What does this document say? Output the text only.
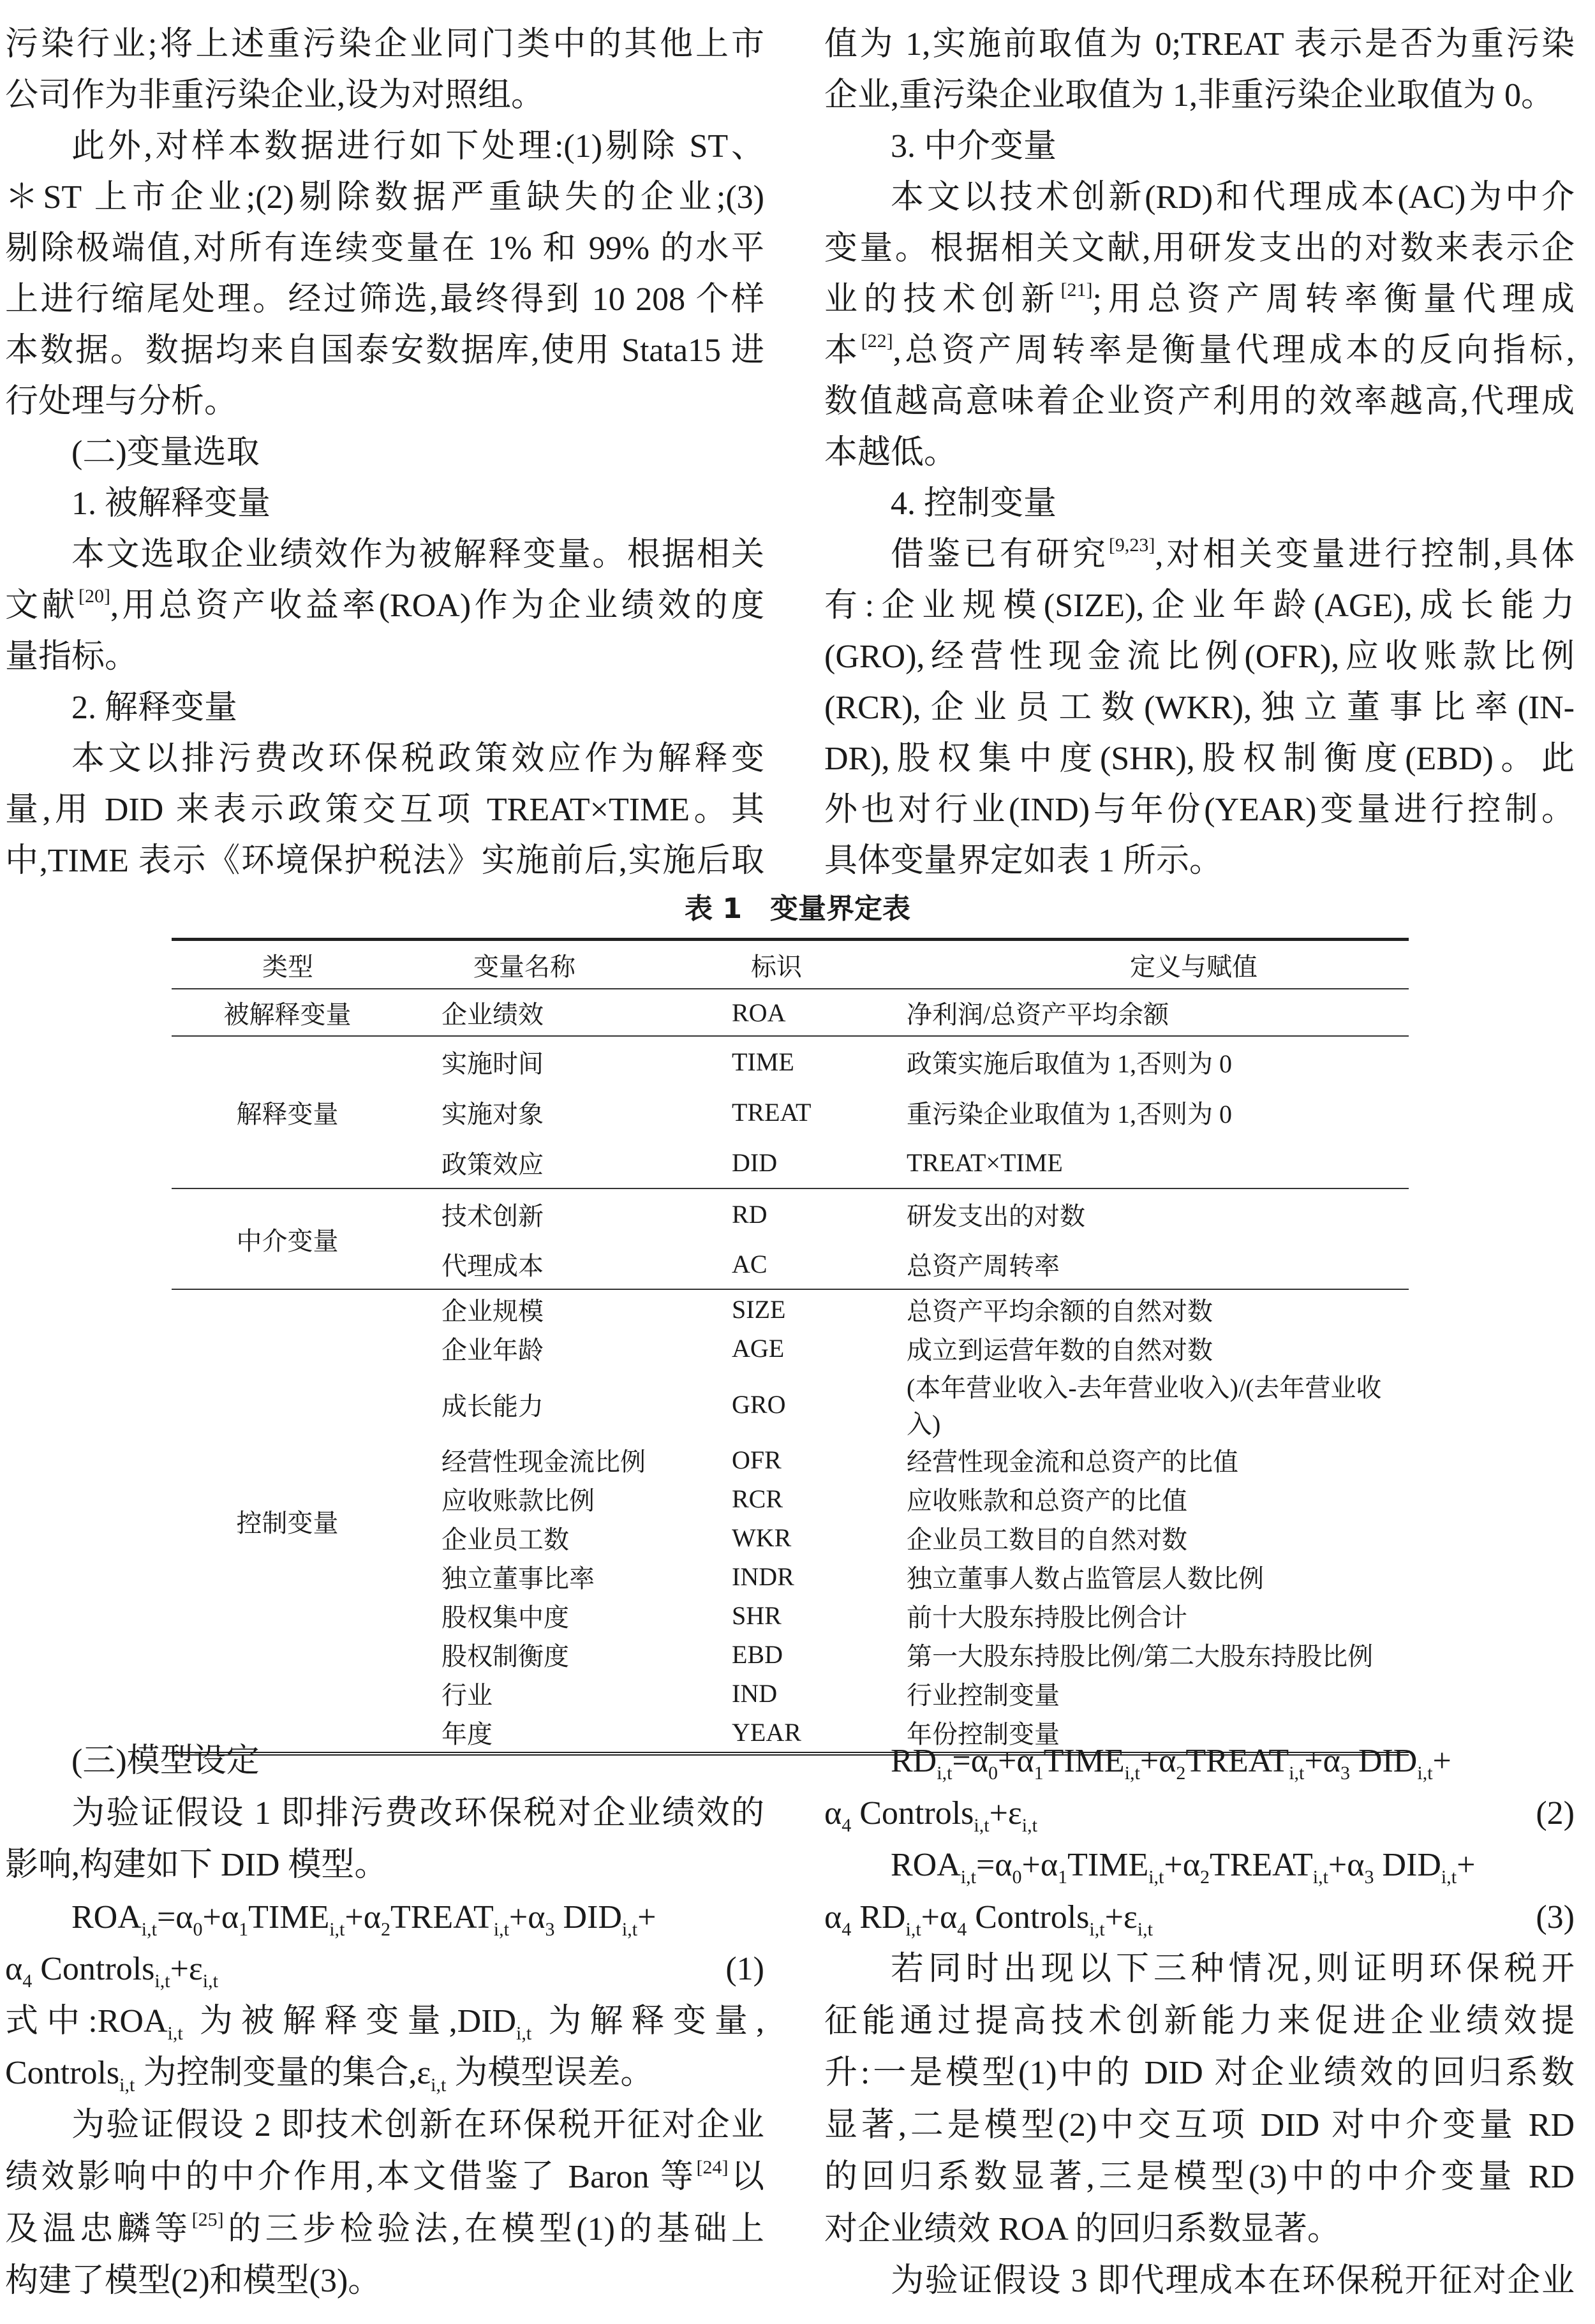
污染行业;将上述重污染企业同门类中的其他上市
公司作为非重污染企业,设为对照组。
此外,对样本数据进行如下处理:(1)剔除 ST、
＊ST 上市企业;(2)剔除数据严重缺失的企业;(3)
剔除极端值,对所有连续变量在 1% 和 99% 的水平
上进行缩尾处理。经过筛选,最终得到 10 208 个样
本数据。数据均来自国泰安数据库,使用 Stata15 进
行处理与分析。
(二)变量选取
1. 被解释变量
本文选取企业绩效作为被解释变量。根据相关
文献[20],用总资产收益率(ROA)作为企业绩效的度
量指标。
2. 解释变量
本文以排污费改环保税政策效应作为解释变
量,用 DID 来表示政策交互项 TREAT×TIME。其
中,TIME 表示《环境保护税法》实施前后,实施后取
值为 1,实施前取值为 0;TREAT 表示是否为重污染
企业,重污染企业取值为 1,非重污染企业取值为 0。
3. 中介变量
本文以技术创新(RD)和代理成本(AC)为中介
变量。根据相关文献,用研发支出的对数来表示企
业的技术创新[21];用总资产周转率衡量代理成
本[22],总资产周转率是衡量代理成本的反向指标,
数值越高意味着企业资产利用的效率越高,代理成
本越低。
4. 控制变量
借鉴已有研究[9,23],对相关变量进行控制,具体
有:企业规模(SIZE),企业年龄(AGE),成长能力
(GRO),经营性现金流比例(OFR),应收账款比例
(RCR),企业员工数(WKR),独立董事比率(IN-
DR),股权集中度(SHR),股权制衡度(EBD)。此
外也对行业(IND)与年份(YEAR)变量进行控制。
具体变量界定如表 1 所示。
表 1　变量界定表
类型	变量名称	标识	定义与赋值
被解释变量	企业绩效	ROA	净利润/总资产平均余额
解释变量	实施时间	TIME	政策实施后取值为 1,否则为 0
	实施对象	TREAT	重污染企业取值为 1,否则为 0
	政策效应	DID	TREAT×TIME
中介变量	技术创新	RD	研发支出的对数
	代理成本	AC	总资产周转率
控制变量	企业规模	SIZE	总资产平均余额的自然对数
	企业年龄	AGE	成立到运营年数的自然对数
	成长能力	GRO	(本年营业收入-去年营业收入)/(去年营业收入)
	经营性现金流比例	OFR	经营性现金流和总资产的比值
	应收账款比例	RCR	应收账款和总资产的比值
	企业员工数	WKR	企业员工数目的自然对数
	独立董事比率	INDR	独立董事人数占监管层人数比例
	股权集中度	SHR	前十大股东持股比例合计
	股权制衡度	EBD	第一大股东持股比例/第二大股东持股比例
	行业	IND	行业控制变量
	年度	YEAR	年份控制变量
(三)模型设定
为验证假设 1 即排污费改环保税对企业绩效的
影响,构建如下 DID 模型。
$ROA_{i,t}=\alpha_0+\alpha_1TIME_{i,t}+\alpha_2TREAT_{i,t}+\alpha_3$ $DID_{i,t}+$
$\alpha_4$ $Controls_{i,t}+\varepsilon_{i,t}$	(1)
式中$:ROA_{i,t}$ 为被解释变量$,DID_{i,t}$ 为解释变量,
Controls$_{i,t}$ 为控制变量的集合$,\varepsilon_{i,t}$ 为模型误差。
为验证假设 2 即技术创新在环保税开征对企业
绩效影响中的中介作用,本文借鉴了 Baron 等[24]以
及温忠麟等[25]的三步检验法,在模型(1)的基础上
构建了模型(2)和模型(3)。
$RD_{i,t}=\alpha_0+\alpha_1TIME_{i,t}+\alpha_2TREAT_{i,t}+\alpha_3$ $DID_{i,t}+$
$\alpha_4$ $Controls_{i,t}+\varepsilon_{i,t}$	(2)
$ROA_{i,t}=\alpha_0+\alpha_1TIME_{i,t}+\alpha_2TREAT_{i,t}+\alpha_3$ $DID_{i,t}+$
$\alpha_4$ $RD_{i,t}+\alpha_4$ $Controls_{i,t}+\varepsilon_{i,t}$	(3)
若同时出现以下三种情况,则证明环保税开
征能通过提高技术创新能力来促进企业绩效提
升:一是模型(1)中的 DID 对企业绩效的回归系数
显著,二是模型(2)中交互项 DID 对中介变量 RD
的回归系数显著,三是模型(3)中的中介变量 RD
对企业绩效 ROA 的回归系数显著。
为验证假设 3 即代理成本在环保税开征对企业
